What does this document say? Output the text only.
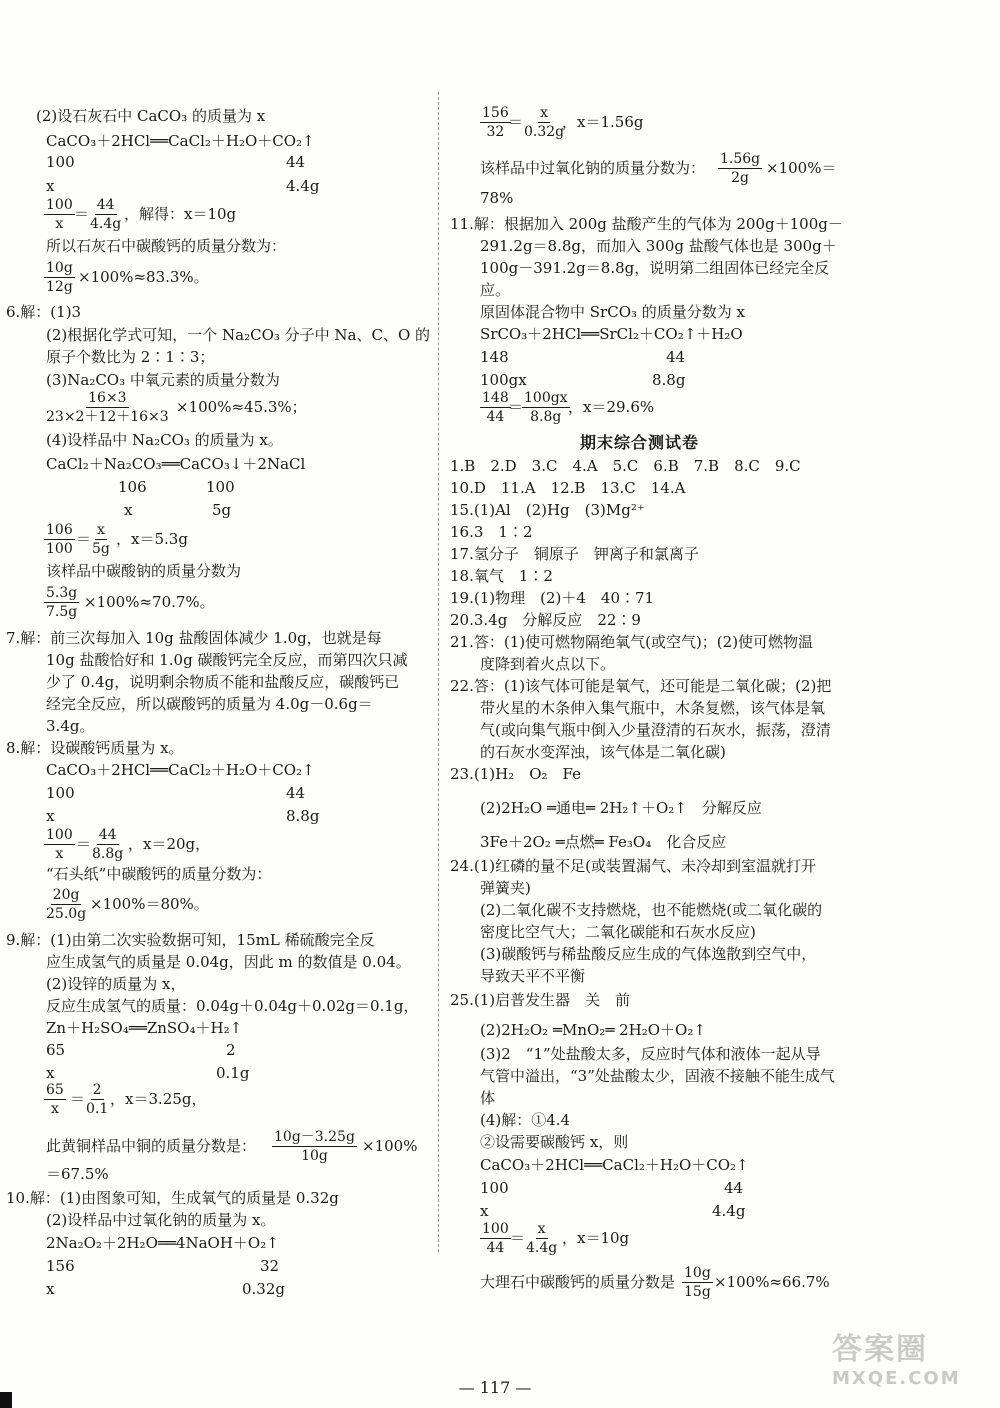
(2)设石灰石中 CaCO₃ 的质量为 x
CaCO₃＋2HCl══CaCl₂＋H₂O＋CO₂↑
100	44
x	4.4g
$\frac{100}{x}$ ＝
$\frac{44}{4.4g}$ ，解得：x＝10g
所以石灰石中碳酸钙的质量分数为：
$\frac{10g}{12g} \times 100\%\approx 83.3\%$。
6.解：(1)3
(2)根据化学式可知，一个 Na₂CO₃ 分子中 Na、C、O 的
原子个数比为 2∶1∶3；
(3)Na₂CO₃ 中氧元素的质量分数为
$\frac{16\times 3}{23\times 2+12+16\times 3} \times 100\%\approx 45.3\%$；
(4)设样品中 Na₂CO₃ 的质量为 x。
CaCl₂＋Na₂CO₃══CaCO₃↓＋2NaCl
106	100
x	5g
$\frac{106}{100}$ ＝
$\frac{x}{5g}$ ，x＝5.3g
该样品中碳酸钠的质量分数为
$\frac{5.3g}{7.5g} \times 100\%\approx 70.7\%$。
7.解：前三次每加入 10g 盐酸固体减少 1.0g，也就是每
10g 盐酸恰好和 1.0g 碳酸钙完全反应，而第四次只减
少了 0.4g，说明剩余物质不能和盐酸反应，碳酸钙已
经完全反应，所以碳酸钙的质量为 4.0g－0.6g＝
3.4g。
8.解：设碳酸钙质量为 x。
CaCO₃＋2HCl══CaCl₂＋H₂O＋CO₂↑
100	44
x	8.8g
$\frac{100}{x}$ ＝
$\frac{44}{8.8g}$ ，x＝20g，
“石头纸”中碳酸钙的质量分数为：
$\frac{20g}{25.0g} \times 100\%=80\%$。
9.解：(1)由第二次实验数据可知，15mL 稀硫酸完全反
应生成氢气的质量是 0.04g，因此 m 的数值是 0.04。
(2)设锌的质量为 x，
反应生成氢气的质量：0.04g＋0.04g＋0.02g＝0.1g，
Zn＋H₂SO₄══ZnSO₄＋H₂↑
65	2
x	0.1g
$\frac{65}{x}$ ＝
$\frac{2}{0.1}$ ，x＝3.25g，
此黄铜样品中铜的质量分数是： $\frac{10g-3.25g}{10g} \times 100\%$
＝67.5%
10.解：(1)由图象可知，生成氧气的质量是 0.32g
(2)设样品中过氧化钠的质量为 x。
2Na₂O₂＋2H₂O══4NaOH＋O₂↑
156	32
x	0.32g
$\frac{156}{32}$
＝
$\frac{x}{0.32g}$
，x＝1.56g
该样品中过氧化钠的质量分数为： $\frac{1.56g}{2g} \times 100\%=$
78%
11.解：根据加入 200g 盐酸产生的气体为 200g＋100g－
291.2g＝8.8g，而加入 300g 盐酸气体也是 300g＋
100g－391.2g＝8.8g，说明第二组固体已经完全反
应。
原固体混合物中 SrCO₃ 的质量分数为 x
SrCO₃＋2HCl══SrCl₂＋CO₂↑＋H₂O
148	44
100gx	8.8g
$\frac{148}{44}$
＝
$\frac{100gx}{8.8g}$
，x＝29.6%
期末综合测试卷
1.B　2.D　3.C　4.A　5.C　6.B　7.B　8.C　9.C
10.D　11.A　12.B　13.C　14.A
15.(1)Al　(2)Hg　(3)Mg²⁺
16.3　1∶2
17.氢分子　铜原子　钾离子和氯离子
18.氧气　1∶2
19.(1)物理　(2)＋4　40∶71
20.3.4g　分解反应　22∶9
21.答：(1)使可燃物隔绝氧气(或空气)；(2)使可燃物温
度降到着火点以下。
22.答：(1)该气体可能是氧气，还可能是二氧化碳；(2)把
带火星的木条伸入集气瓶中，木条复燃，该气体是氧
气(或向集气瓶中倒入少量澄清的石灰水，振荡，澄清
的石灰水变浑浊，该气体是二氧化碳)
23.(1)H₂　O₂　Fe
(2)2H₂O ═通电═ 2H₂↑＋O₂↑　分解反应
3Fe＋2O₂ ═点燃═ Fe₃O₄　化合反应
24.(1)红磷的量不足(或装置漏气、未冷却到室温就打开
弹簧夹)
(2)二氧化碳不支持燃烧，也不能燃烧(或二氧化碳的
密度比空气大；二氧化碳能和石灰水反应)
(3)碳酸钙与稀盐酸反应生成的气体逸散到空气中，
导致天平不平衡
25.(1)启普发生器　关　前
(2)2H₂O₂ ═MnO₂═ 2H₂O＋O₂↑
(3)2　“1”处盐酸太多，反应时气体和液体一起从导
气管中溢出，“3”处盐酸太少，固液不接触不能生成气
体
(4)解：①4.4
②设需要碳酸钙 x，则
CaCO₃＋2HCl══CaCl₂＋H₂O＋CO₂↑
100	44
x	4.4g
$\frac{100}{44}$ ＝
$\frac{x}{4.4g}$ ，x＝10g
大理石中碳酸钙的质量分数是 $\frac{10g}{15g} \times 100\%\approx 66.7\%$
— 117 —
答案圈
MXQE.COM
